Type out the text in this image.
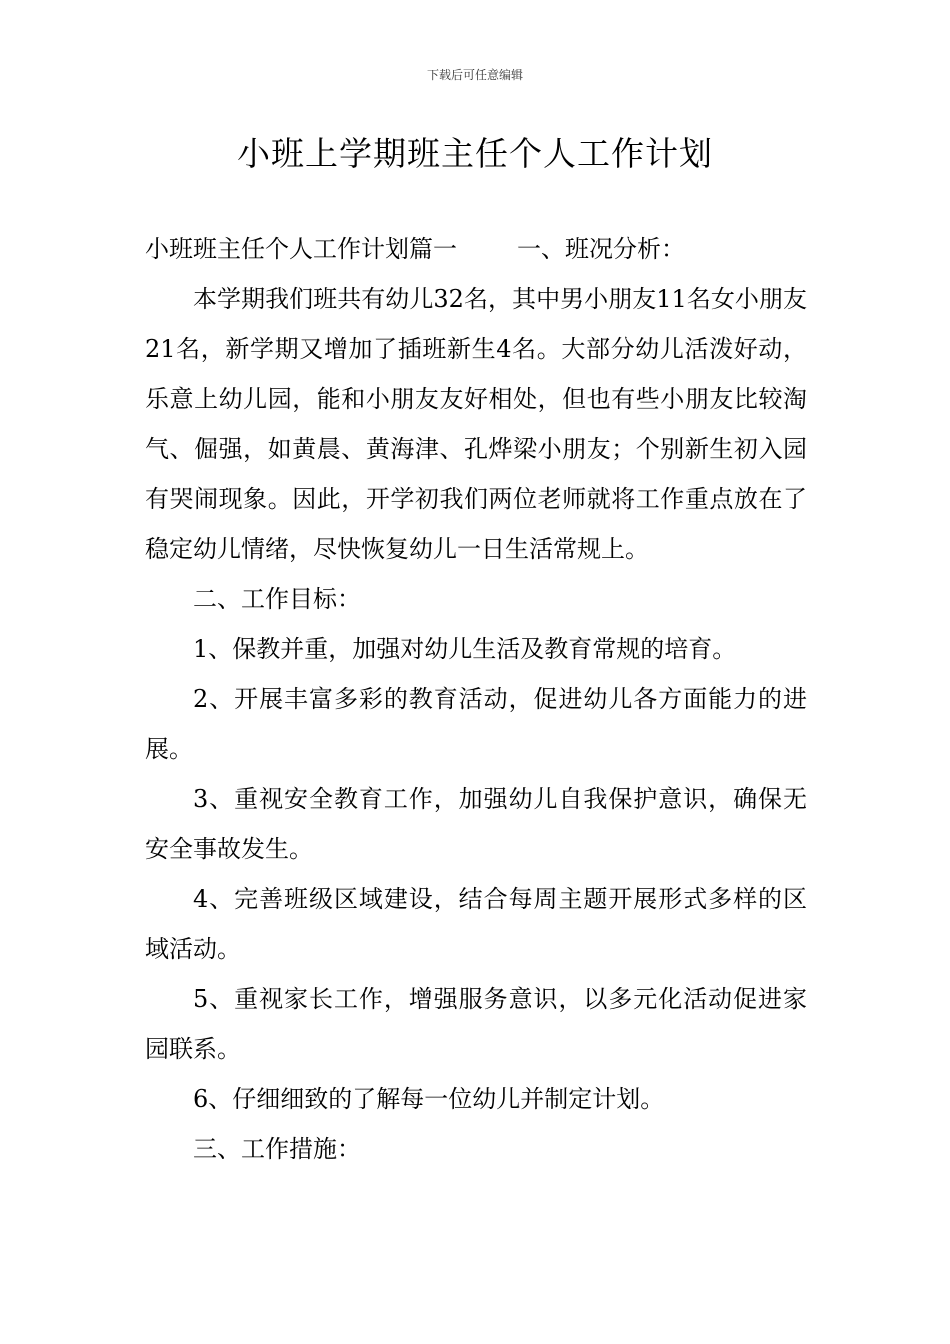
下载后可任意编辑
小班上学期班主任个人工作计划

小班班主任个人工作计划篇一	一、班况分析：

本学期我们班共有幼儿32名，其中男小朋友11名女小朋友21名，新学期又增加了插班新生4名。大部分幼儿活泼好动，乐意上幼儿园，能和小朋友友好相处，但也有些小朋友比较淘气、倔强，如黄晨、黄海津、孔烨梁小朋友；个别新生初入园有哭闹现象。因此，开学初我们两位老师就将工作重点放在了稳定幼儿情绪，尽快恢复幼儿一日生活常规上。

二、工作目标：

1、保教并重，加强对幼儿生活及教育常规的培育。

2、开展丰富多彩的教育活动，促进幼儿各方面能力的进展。

3、重视安全教育工作，加强幼儿自我保护意识，确保无安全事故发生。

4、完善班级区域建设，结合每周主题开展形式多样的区域活动。

5、重视家长工作，增强服务意识，以多元化活动促进家园联系。

6、仔细细致的了解每一位幼儿并制定计划。

三、工作措施：
